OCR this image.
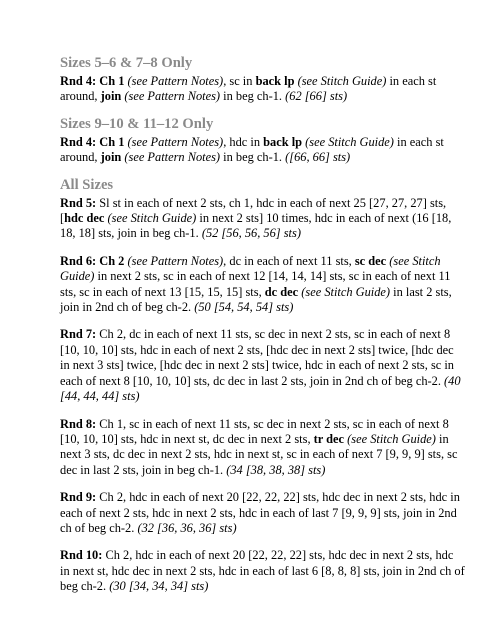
Sizes 5–6 & 7–8 Only

Rnd 4: Ch 1 (see Pattern Notes), sc in back lp (see Stitch Guide) in each st around, join (see Pattern Notes) in beg ch-1. (62 [66] sts)

Sizes 9–10 & 11–12 Only

Rnd 4: Ch 1 (see Pattern Notes), hdc in back lp (see Stitch Guide) in each st around, join (see Pattern Notes) in beg ch-1. ([66, 66] sts)

All Sizes

Rnd 5: Sl st in each of next 2 sts, ch 1, hdc in each of next 25 [27, 27, 27] sts, [hdc dec (see Stitch Guide) in next 2 sts] 10 times, hdc in each of next (16 [18, 18, 18] sts, join in beg ch-1. (52 [56, 56, 56] sts)

Rnd 6: Ch 2 (see Pattern Notes), dc in each of next 11 sts, sc dec (see Stitch Guide) in next 2 sts, sc in each of next 12 [14, 14, 14] sts, sc in each of next 11 sts, sc in each of next 13 [15, 15, 15] sts, dc dec (see Stitch Guide) in last 2 sts, join in 2nd ch of beg ch-2. (50 [54, 54, 54] sts)

Rnd 7: Ch 2, dc in each of next 11 sts, sc dec in next 2 sts, sc in each of next 8 [10, 10, 10] sts, hdc in each of next 2 sts, [hdc dec in next 2 sts] twice, [hdc dec in next 3 sts] twice, [hdc dec in next 2 sts] twice, hdc in each of next 2 sts, sc in each of next 8 [10, 10, 10] sts, dc dec in last 2 sts, join in 2nd ch of beg ch-2. (40 [44, 44, 44] sts)

Rnd 8: Ch 1, sc in each of next 11 sts, sc dec in next 2 sts, sc in each of next 8 [10, 10, 10] sts, hdc in next st, dc dec in next 2 sts, tr dec (see Stitch Guide) in next 3 sts, dc dec in next 2 sts, hdc in next st, sc in each of next 7 [9, 9, 9] sts, sc dec in last 2 sts, join in beg ch-1. (34 [38, 38, 38] sts)

Rnd 9: Ch 2, hdc in each of next 20 [22, 22, 22] sts, hdc dec in next 2 sts, hdc in each of next 2 sts, hdc in next 2 sts, hdc in each of last 7 [9, 9, 9] sts, join in 2nd ch of beg ch-2. (32 [36, 36, 36] sts)

Rnd 10: Ch 2, hdc in each of next 20 [22, 22, 22] sts, hdc dec in next 2 sts, hdc in next st, hdc dec in next 2 sts, hdc in each of last 6 [8, 8, 8] sts, join in 2nd ch of beg ch-2. (30 [34, 34, 34] sts)
